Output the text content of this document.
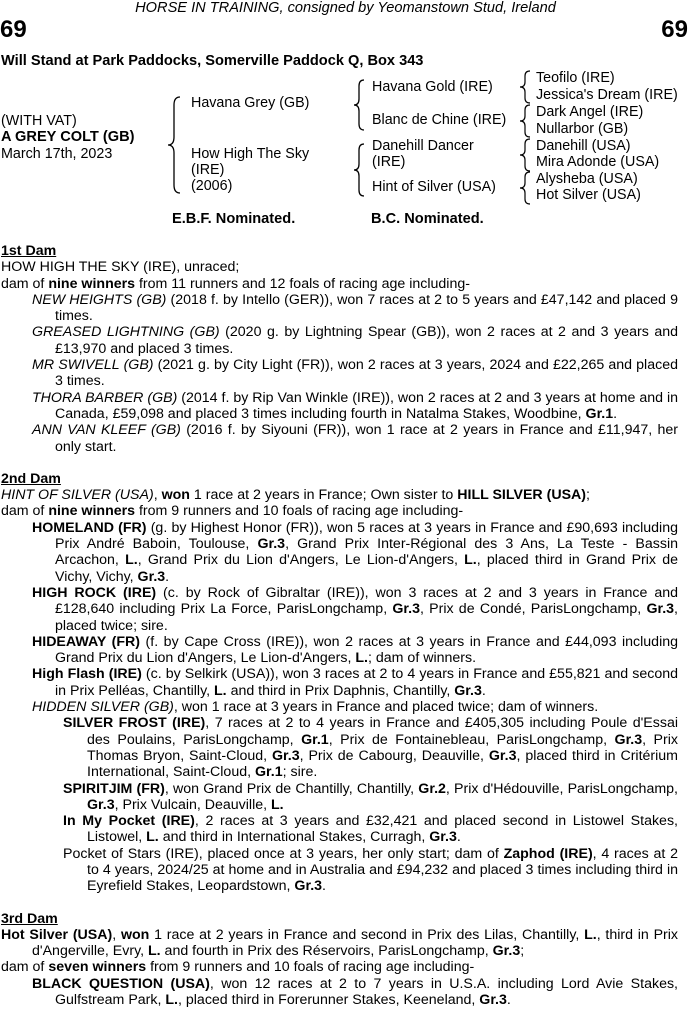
HORSE IN TRAINING, consigned by Yeomanstown Stud, Ireland
69	69
Will Stand at Park Paddocks, Somerville Paddock Q, Box 343
(WITH VAT)
A GREY COLT (GB)
March 17th, 2023
Havana Grey (GB)
How High The Sky
(IRE)
(2006)
Havana Gold (IRE)
Blanc de Chine (IRE)
Danehill Dancer
(IRE)
Hint of Silver (USA)
Teofilo (IRE)
Jessica's Dream (IRE)
Dark Angel (IRE)
Nullarbor (GB)
Danehill (USA)
Mira Adonde (USA)
Alysheba (USA)
Hot Silver (USA)
E.B.F. Nominated.	B.C. Nominated.
1st Dam
HOW HIGH THE SKY (IRE), unraced;
dam of nine winners from 11 runners and 12 foals of racing age including-

NEW HEIGHTS (GB) (2018 f. by Intello (GER)), won 7 races at 2 to 5 years and £47,142 and placed 9 times.

GREASED LIGHTNING (GB) (2020 g. by Lightning Spear (GB)), won 2 races at 2 and 3 years and £13,970 and placed 3 times.

MR SWIVELL (GB) (2021 g. by City Light (FR)), won 2 races at 3 years, 2024 and £22,265 and placed 3 times.

THORA BARBER (GB) (2014 f. by Rip Van Winkle (IRE)), won 2 races at 2 and 3 years at home and in Canada, £59,098 and placed 3 times including fourth in Natalma Stakes, Woodbine, Gr.1.

ANN VAN KLEEF (GB) (2016 f. by Siyouni (FR)), won 1 race at 2 years in France and £11,947, her only start.

2nd Dam
HINT OF SILVER (USA), won 1 race at 2 years in France; Own sister to HILL SILVER (USA);
dam of nine winners from 9 runners and 10 foals of racing age including-

HOMELAND (FR) (g. by Highest Honor (FR)), won 5 races at 3 years in France and £90,693 including Prix André Baboin, Toulouse, Gr.3, Grand Prix Inter-Régional des 3 Ans, La Teste - Bassin Arcachon, L., Grand Prix du Lion d'Angers, Le Lion-d'Angers, L., placed third in Grand Prix de Vichy, Vichy, Gr.3.

HIGH ROCK (IRE) (c. by Rock of Gibraltar (IRE)), won 3 races at 2 and 3 years in France and £128,640 including Prix La Force, ParisLongchamp, Gr.3, Prix de Condé, ParisLongchamp, Gr.3, placed twice; sire.

HIDEAWAY (FR) (f. by Cape Cross (IRE)), won 2 races at 3 years in France and £44,093 including Grand Prix du Lion d'Angers, Le Lion-d'Angers, L.; dam of winners.

High Flash (IRE) (c. by Selkirk (USA)), won 3 races at 2 to 4 years in France and £55,821 and second in Prix Pelléas, Chantilly, L. and third in Prix Daphnis, Chantilly, Gr.3.

HIDDEN SILVER (GB), won 1 race at 3 years in France and placed twice; dam of winners.

SILVER FROST (IRE), 7 races at 2 to 4 years in France and £405,305 including Poule d'Essai des Poulains, ParisLongchamp, Gr.1, Prix de Fontainebleau, ParisLongchamp, Gr.3, Prix Thomas Bryon, Saint-Cloud, Gr.3, Prix de Cabourg, Deauville, Gr.3, placed third in Critérium International, Saint-Cloud, Gr.1; sire.

SPIRITJIM (FR), won Grand Prix de Chantilly, Chantilly, Gr.2, Prix d'Hédouville, ParisLongchamp, Gr.3, Prix Vulcain, Deauville, L.

In My Pocket (IRE), 2 races at 3 years and £32,421 and placed second in Listowel Stakes, Listowel, L. and third in International Stakes, Curragh, Gr.3.

Pocket of Stars (IRE), placed once at 3 years, her only start; dam of Zaphod (IRE), 4 races at 2 to 4 years, 2024/25 at home and in Australia and £94,232 and placed 3 times including third in Eyrefield Stakes, Leopardstown, Gr.3.

3rd Dam

Hot Silver (USA), won 1 race at 2 years in France and second in Prix des Lilas, Chantilly, L., third in Prix d'Angerville, Evry, L. and fourth in Prix des Réservoirs, ParisLongchamp, Gr.3;

dam of seven winners from 9 runners and 10 foals of racing age including-

BLACK QUESTION (USA), won 12 races at 2 to 7 years in U.S.A. including Lord Avie Stakes, Gulfstream Park, L., placed third in Forerunner Stakes, Keeneland, Gr.3.
